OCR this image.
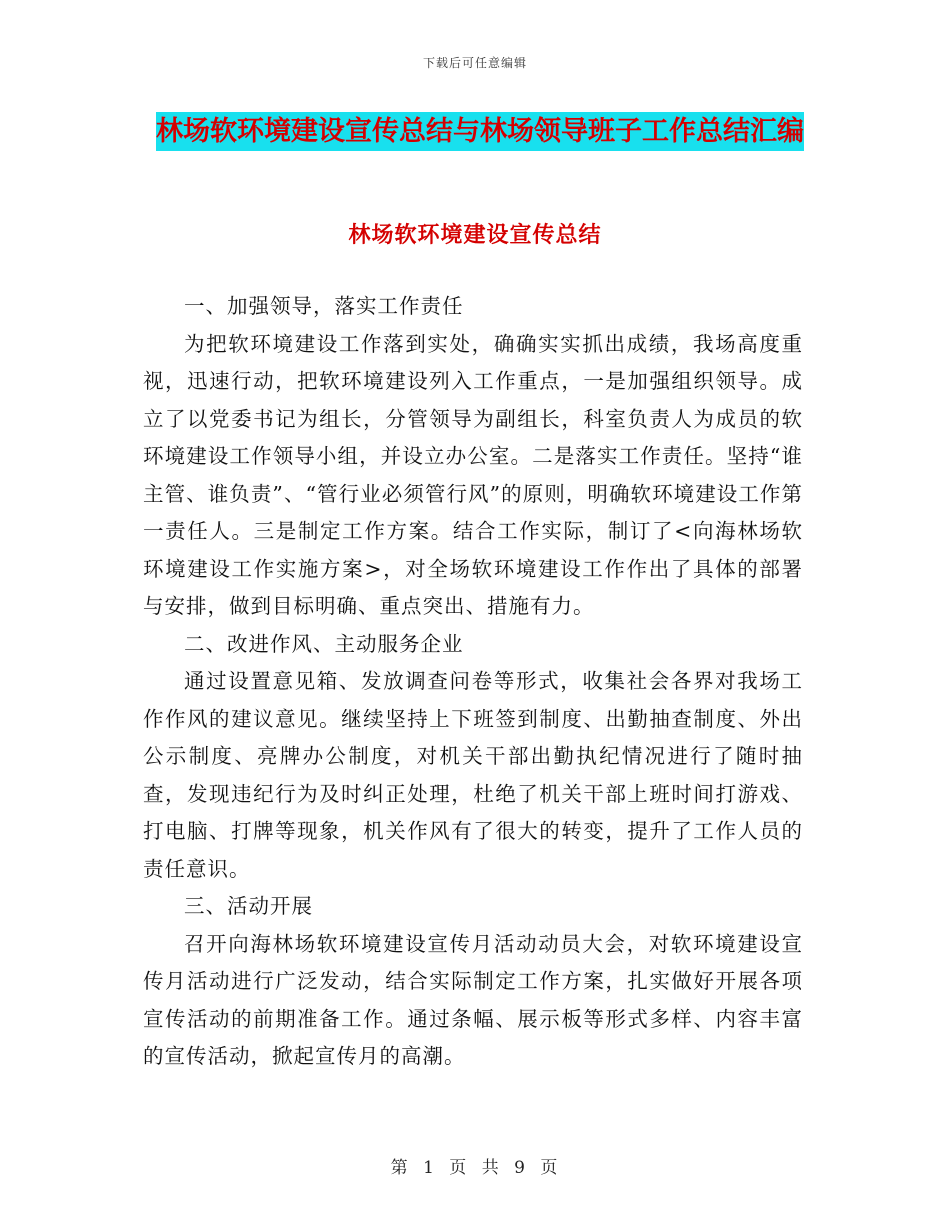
下载后可任意编辑
林场软环境建设宣传总结与林场领导班子工作总结汇编
林场软环境建设宣传总结

一、加强领导，落实工作责任

为把软环境建设工作落到实处，确确实实抓出成绩，我场高度重视，迅速行动，把软环境建设列入工作重点，一是加强组织领导。成立了以党委书记为组长，分管领导为副组长，科室负责人为成员的软环境建设工作领导小组，并设立办公室。二是落实工作责任。坚持“谁主管、谁负责”、“管行业必须管行风”的原则，明确软环境建设工作第一责任人。三是制定工作方案。结合工作实际，制订了<向海林场软环境建设工作实施方案>，对全场软环境建设工作作出了具体的部署与安排，做到目标明确、重点突出、措施有力。

二、改进作风、主动服务企业

通过设置意见箱、发放调查问卷等形式，收集社会各界对我场工作作风的建议意见。继续坚持上下班签到制度、出勤抽查制度、外出公示制度、亮牌办公制度，对机关干部出勤执纪情况进行了随时抽查，发现违纪行为及时纠正处理，杜绝了机关干部上班时间打游戏、打电脑、打牌等现象，机关作风有了很大的转变，提升了工作人员的责任意识。

三、活动开展

召开向海林场软环境建设宣传月活动动员大会，对软环境建设宣传月活动进行广泛发动，结合实际制定工作方案，扎实做好开展各项宣传活动的前期准备工作。通过条幅、展示板等形式多样、内容丰富的宣传活动，掀起宣传月的高潮。

第 1 页 共 9 页
